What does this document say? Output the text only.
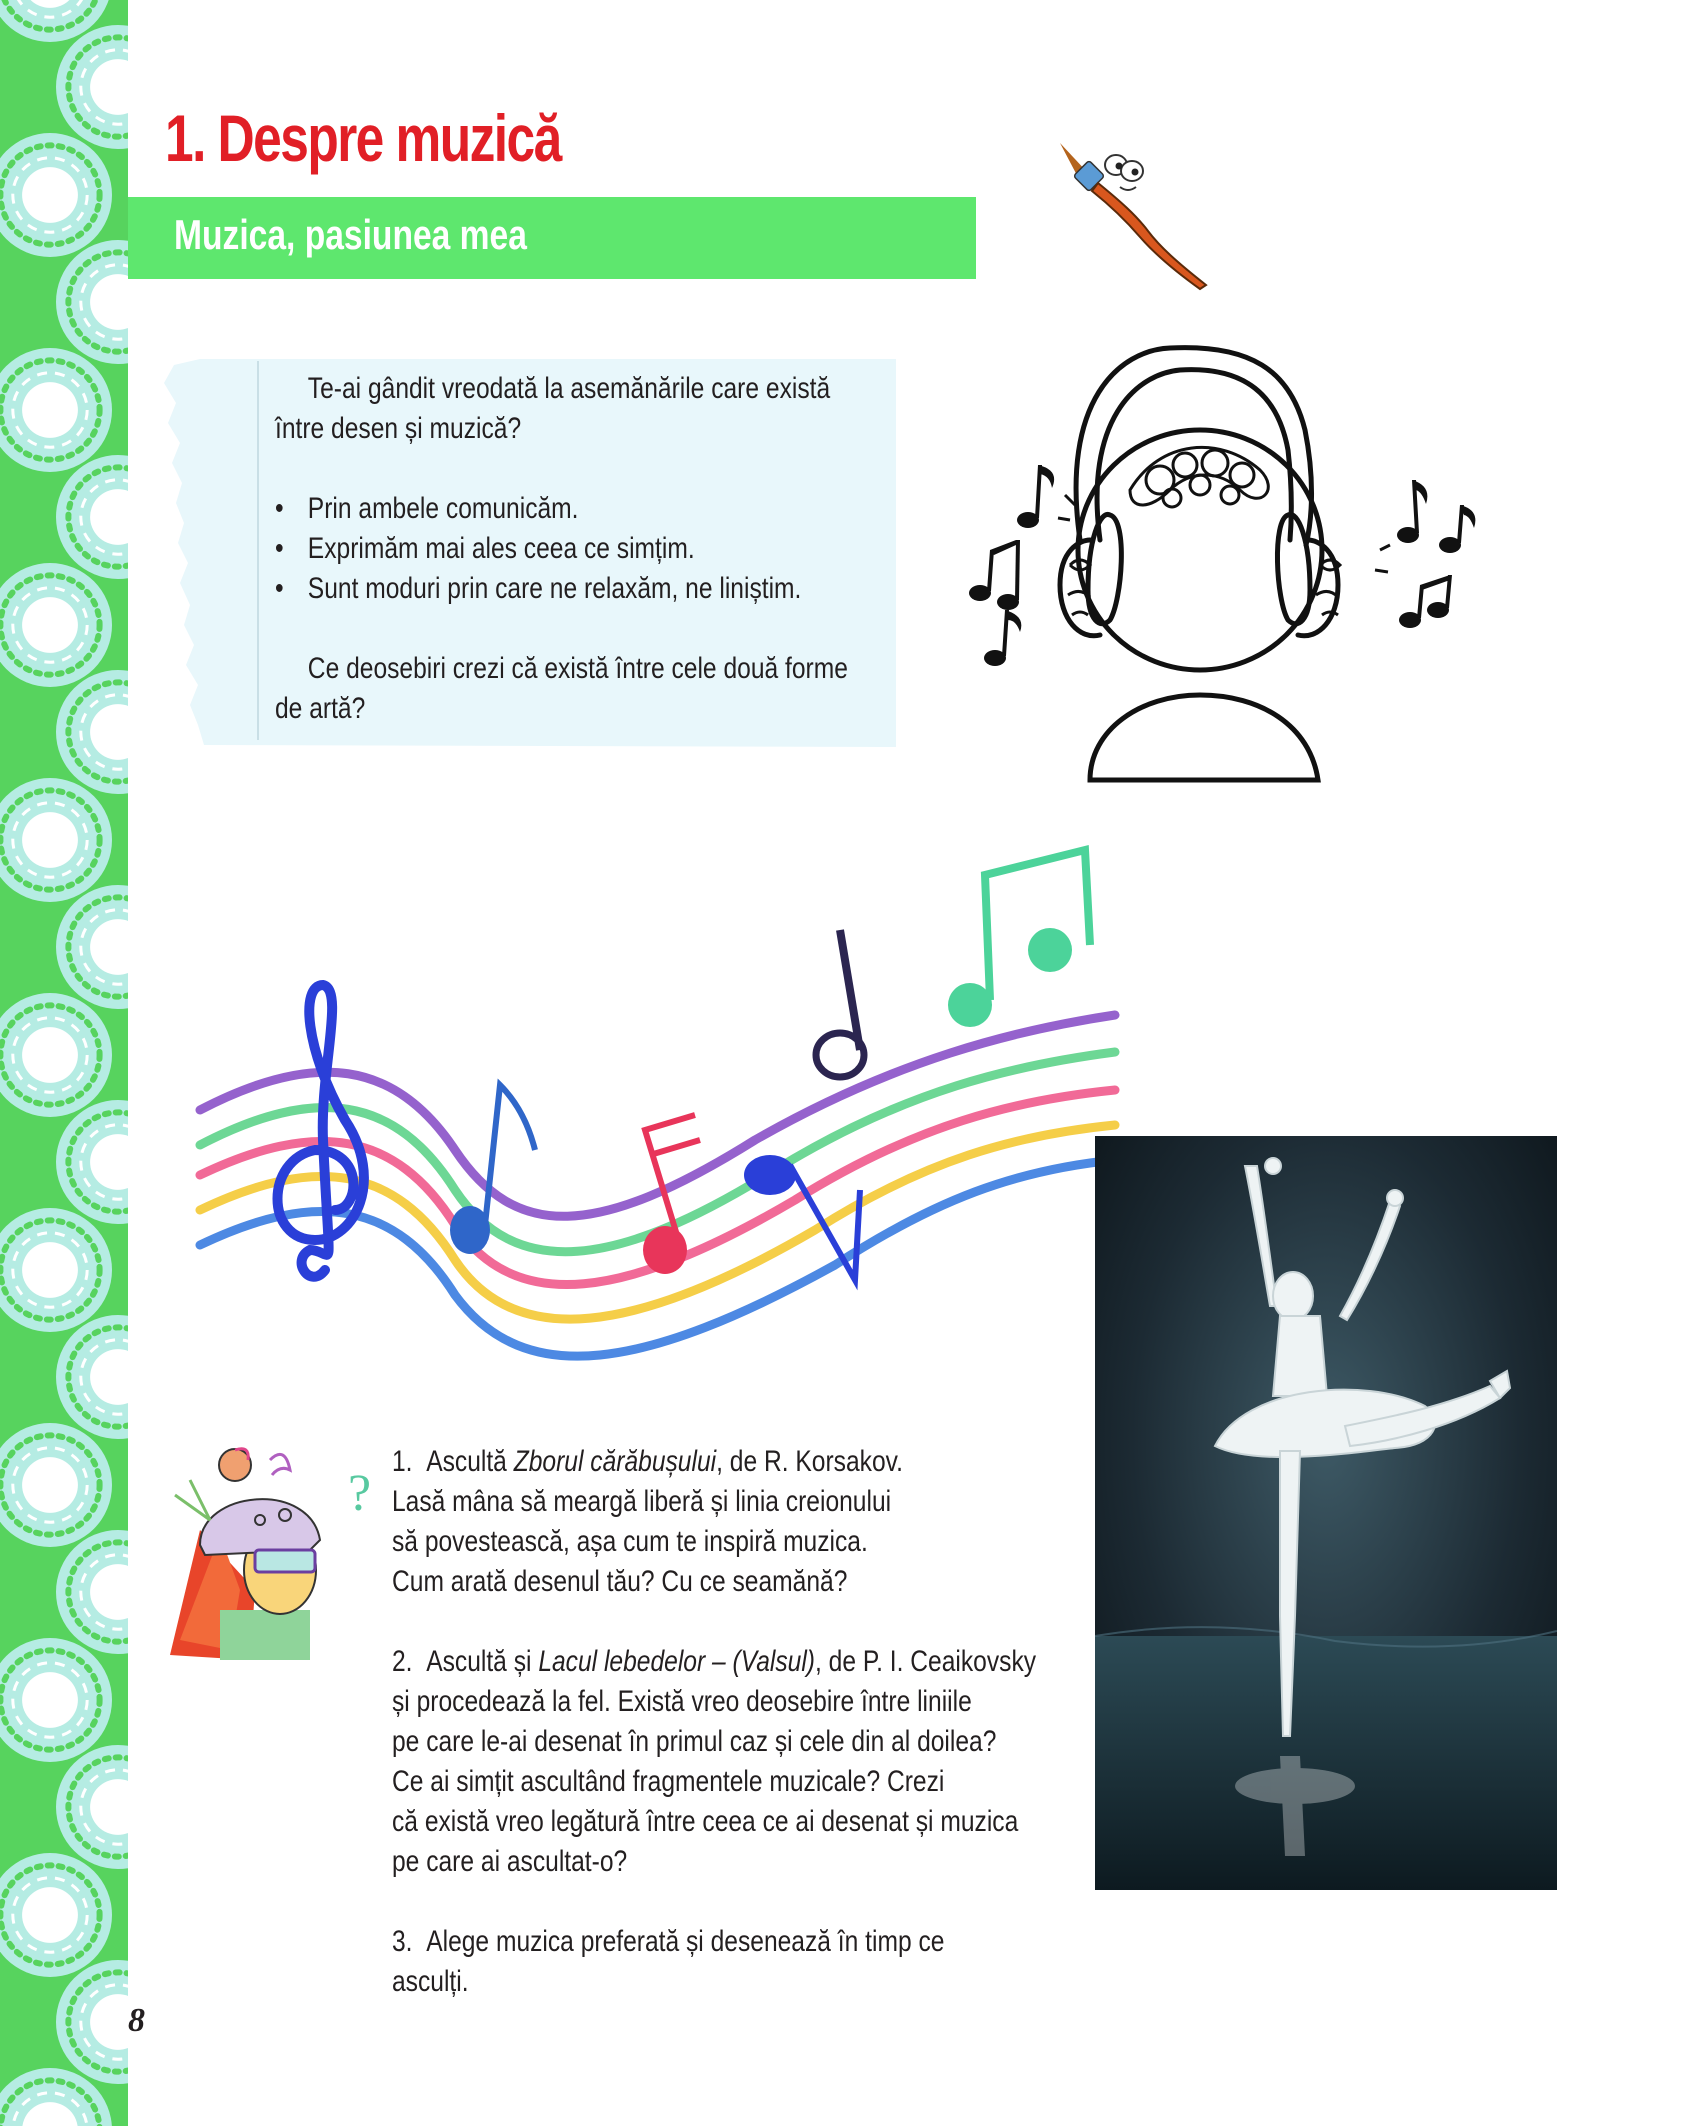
1. Despre muzică
Muzica, pasiunea mea
Te-ai gândit vreodată la asemănările care există
între desen și muzică?
• Prin ambele comunicăm.
• Exprimăm mai ales ceea ce simțim.
• Sunt moduri prin care ne relaxăm, ne liniștim.
Ce deosebiri crezi că există între cele două forme
de artă?
?

1. Ascultă Zborul cărăbușului, de R. Korsakov.

Lasă mâna să meargă liberă și linia creionului

să povestească, așa cum te inspiră muzica.

Cum arată desenul tău? Cu ce seamănă?

2. Ascultă și Lacul lebedelor – (Valsul), de P. I. Ceaikovsky

și procedează la fel. Există vreo deosebire între liniile

pe care le-ai desenat în primul caz și cele din al doilea?

Ce ai simțit ascultând fragmentele muzicale? Crezi

că există vreo legătură între ceea ce ai desenat și muzica

pe care ai ascultat-o?

3. Alege muzica preferată și desenează în timp ce

asculți.

8
